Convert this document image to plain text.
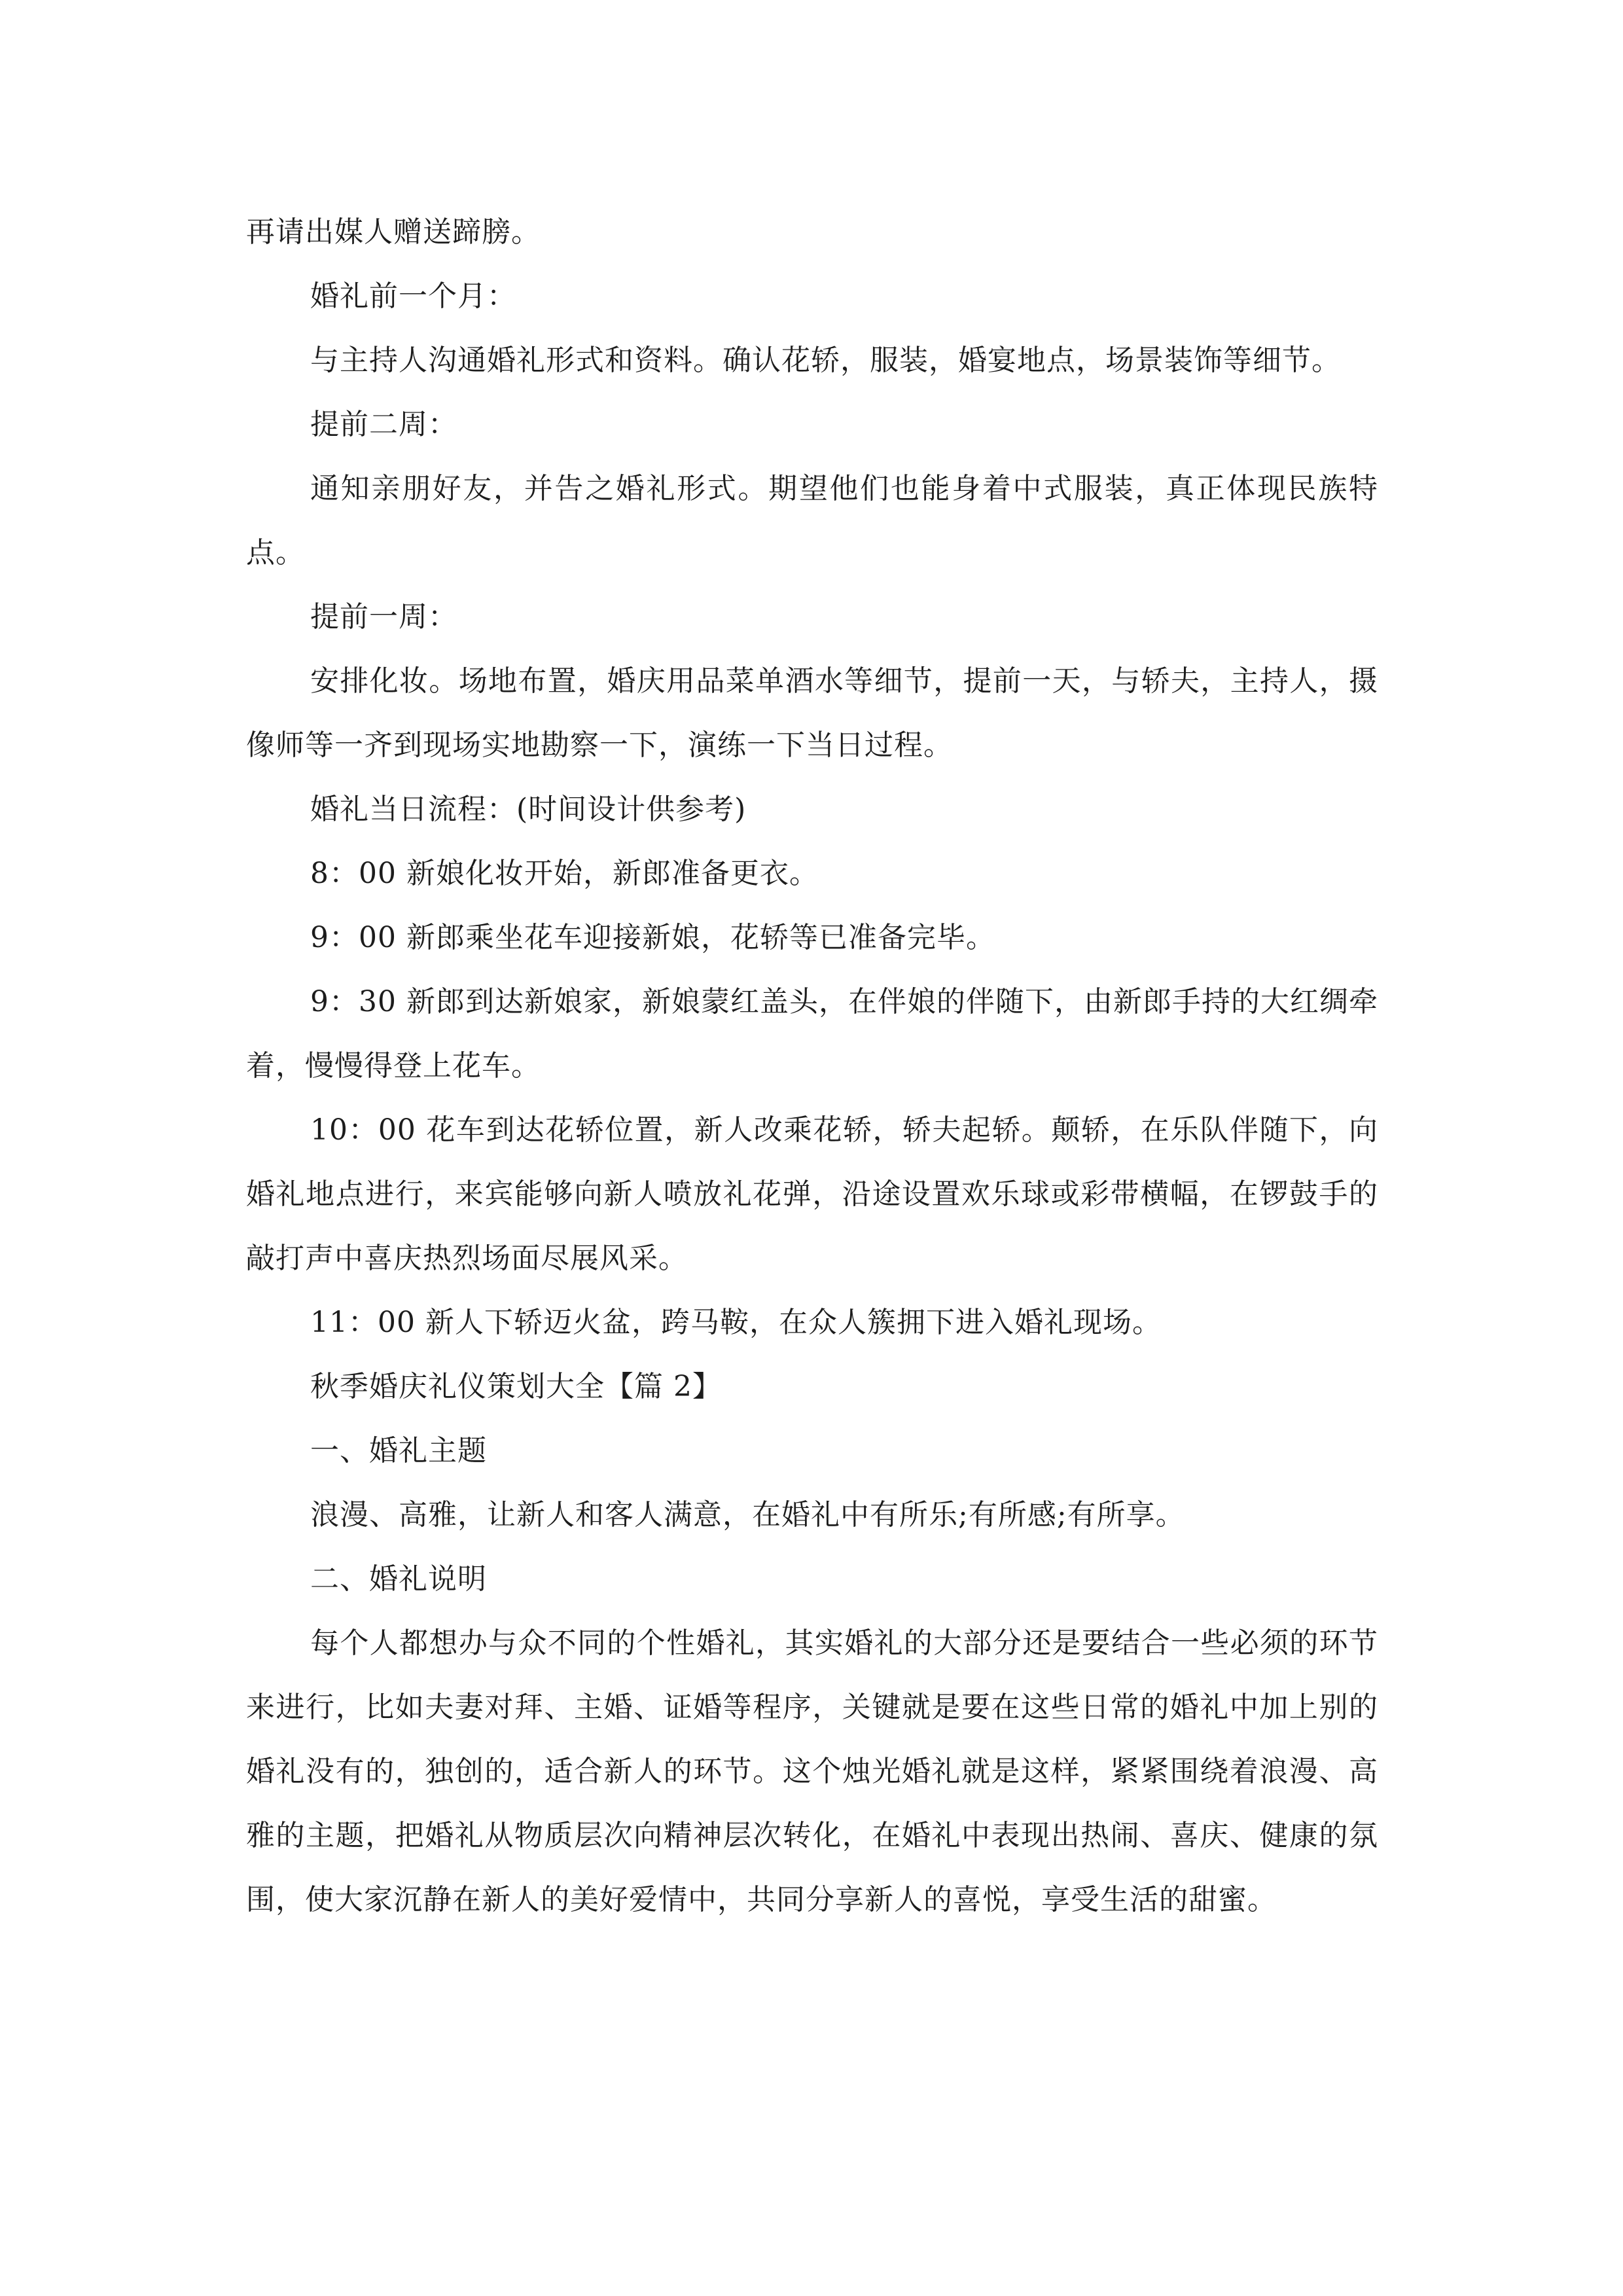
再请出媒人赠送蹄膀。

婚礼前一个月：

与主持人沟通婚礼形式和资料。确认花轿，服装，婚宴地点，场景装饰等细节。

提前二周：

通知亲朋好友，并告之婚礼形式。期望他们也能身着中式服装，真正体现民族特点。

提前一周：

安排化妆。场地布置，婚庆用品菜单酒水等细节，提前一天，与轿夫，主持人，摄像师等一齐到现场实地勘察一下，演练一下当日过程。

婚礼当日流程：(时间设计供参考)

8：00 新娘化妆开始，新郎准备更衣。

9：00 新郎乘坐花车迎接新娘，花轿等已准备完毕。

9：30 新郎到达新娘家，新娘蒙红盖头，在伴娘的伴随下，由新郎手持的大红绸牵着，慢慢得登上花车。

10：00 花车到达花轿位置，新人改乘花轿，轿夫起轿。颠轿，在乐队伴随下，向婚礼地点进行，来宾能够向新人喷放礼花弹，沿途设置欢乐球或彩带横幅，在锣鼓手的敲打声中喜庆热烈场面尽展风采。

11：00 新人下轿迈火盆，跨马鞍，在众人簇拥下进入婚礼现场。

秋季婚庆礼仪策划大全【篇 2】

一、婚礼主题

浪漫、高雅，让新人和客人满意，在婚礼中有所乐;有所感;有所享。

二、婚礼说明

每个人都想办与众不同的个性婚礼，其实婚礼的大部分还是要结合一些必须的环节来进行，比如夫妻对拜、主婚、证婚等程序，关键就是要在这些日常的婚礼中加上别的婚礼没有的，独创的，适合新人的环节。这个烛光婚礼就是这样，紧紧围绕着浪漫、高雅的主题，把婚礼从物质层次向精神层次转化，在婚礼中表现出热闹、喜庆、健康的氛围，使大家沉静在新人的美好爱情中，共同分享新人的喜悦，享受生活的甜蜜。
